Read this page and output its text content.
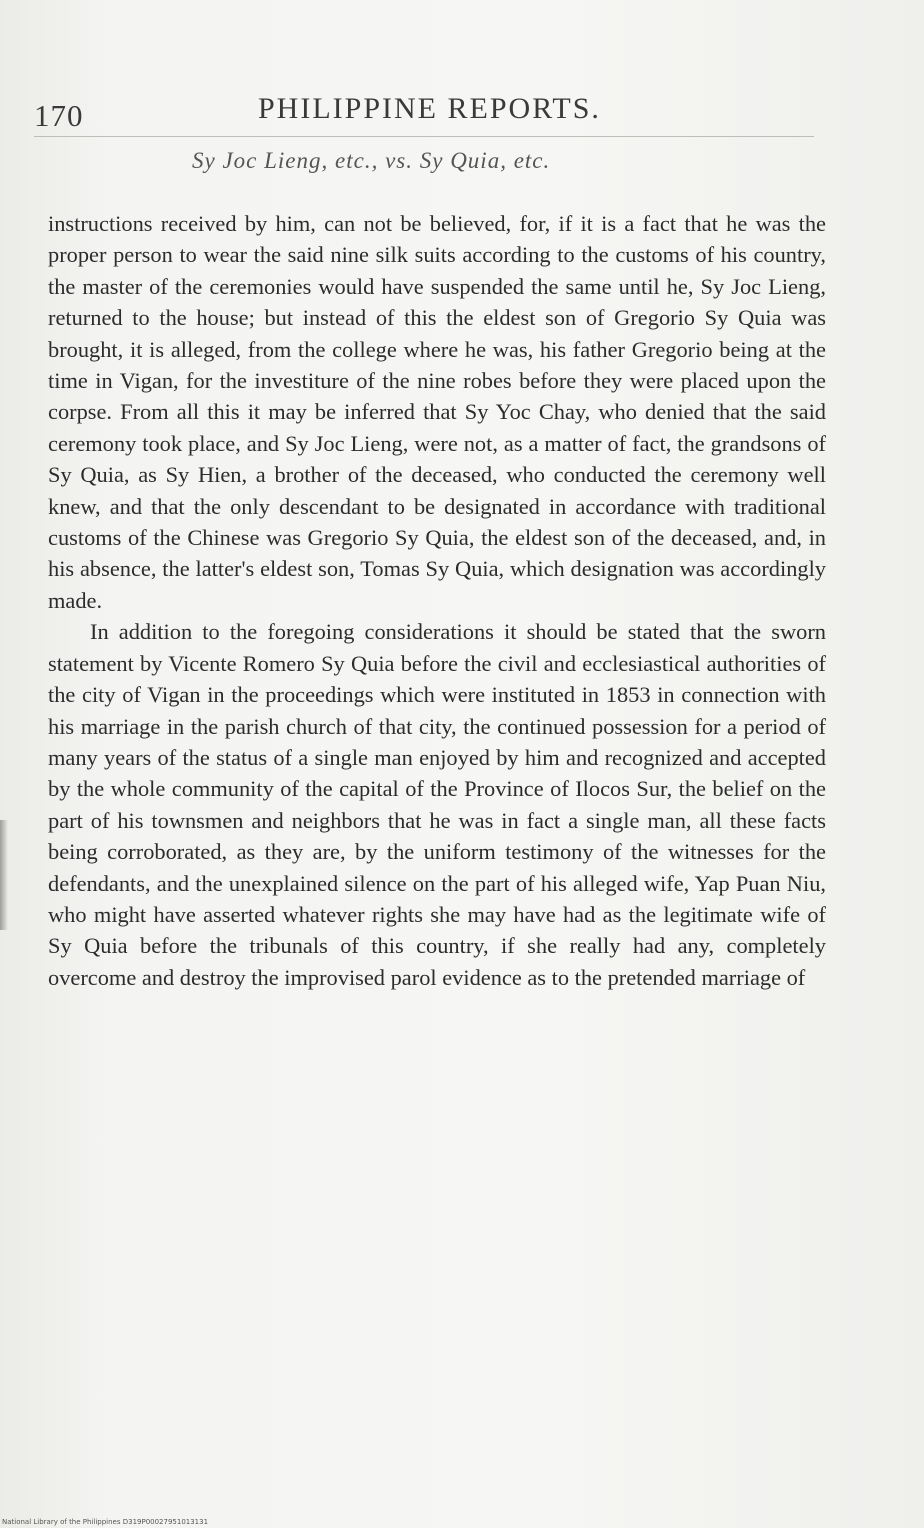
170	PHILIPPINE REPORTS.
Sy Joc Lieng, etc., vs. Sy Quia, etc.

instructions received by him, can not be believed, for, if it is a fact that he was the proper person to wear the said nine silk suits according to the customs of his country, the master of the ceremonies would have suspended the same until he, Sy Joc Lieng, returned to the house; but instead of this the eldest son of Gregorio Sy Quia was brought, it is alleged, from the college where he was, his father Gregorio being at the time in Vigan, for the investiture of the nine robes before they were placed upon the corpse. From all this it may be inferred that Sy Yoc Chay, who denied that the said ceremony took place, and Sy Joc Lieng, were not, as a matter of fact, the grandsons of Sy Quia, as Sy Hien, a brother of the deceased, who conducted the ceremony well knew, and that the only descendant to be designated in accordance with traditional customs of the Chinese was Gregorio Sy Quia, the eldest son of the deceased, and, in his absence, the latter's eldest son, Tomas Sy Quia, which designation was accordingly made.

In addition to the foregoing considerations it should be stated that the sworn statement by Vicente Romero Sy Quia before the civil and ecclesiastical authorities of the city of Vigan in the proceedings which were instituted in 1853 in connection with his marriage in the parish church of that city, the continued possession for a period of many years of the status of a single man enjoyed by him and recognized and accepted by the whole community of the capital of the Province of Ilocos Sur, the belief on the part of his townsmen and neighbors that he was in fact a single man, all these facts being corroborated, as they are, by the uniform testimony of the witnesses for the defendants, and the unexplained silence on the part of his alleged wife, Yap Puan Niu, who might have asserted whatever rights she may have had as the legitimate wife of Sy Quia before the tribunals of this country, if she really had any, completely overcome and destroy the improvised parol evidence as to the pretended marriage of

National Library of the Philippines D319P00027951013131
